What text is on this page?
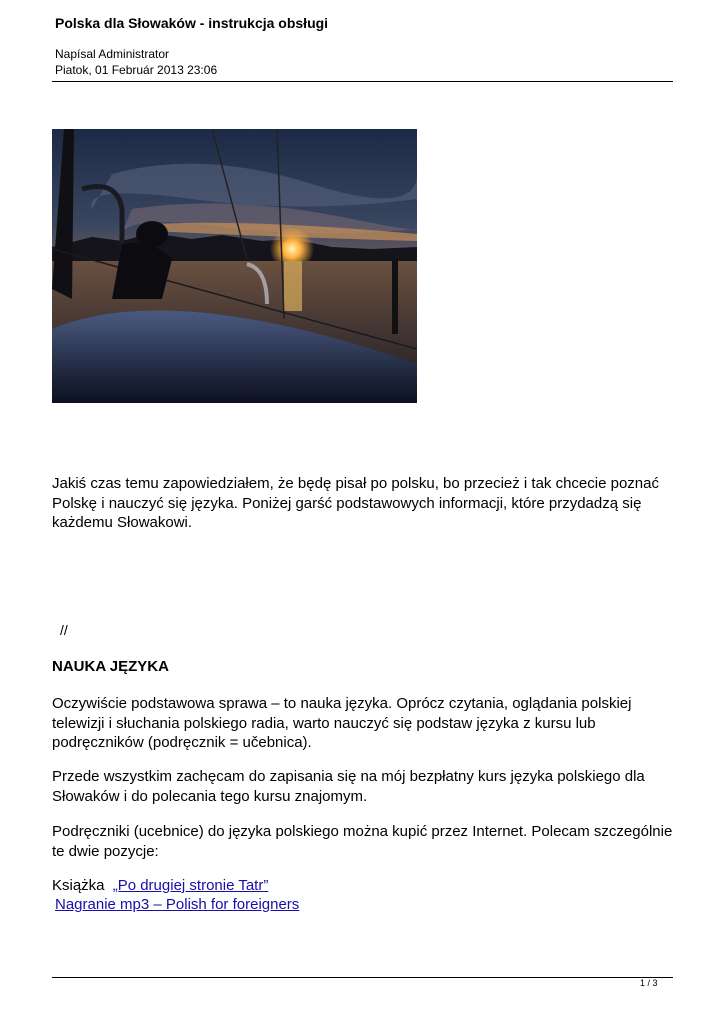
Polska dla Słowaków - instrukcja obsługi
Napísal Administrator
Piatok, 01 Február 2013 23:06

Jakiś czas temu zapowiedziałem, że będę pisał po polsku, bo przecież i tak chcecie poznać Polskę i nauczyć się języka. Poniżej garść podstawowych informacji, które przydadzą się każdemu Słowakowi.

//
NAUKA JĘZYKA

Oczywiście podstawowa sprawa – to nauka języka. Oprócz czytania, oglądania polskiej telewizji i słuchania polskiego radia, warto nauczyć się podstaw języka z kursu lub podręczników (podręcznik = učebnica).

Przede wszystkim zachęcam do zapisania się na mój bezpłatny kurs języka polskiego dla Słowaków i do polecania tego kursu znajomym.

Podręczniki (ucebnice) do języka polskiego można kupić przez Internet. Polecam szczególnie te dwie pozycje:

Książka „Po drugiej stronie Tatr”
Nagranie mp3 – Polish for foreigners
1 / 3
